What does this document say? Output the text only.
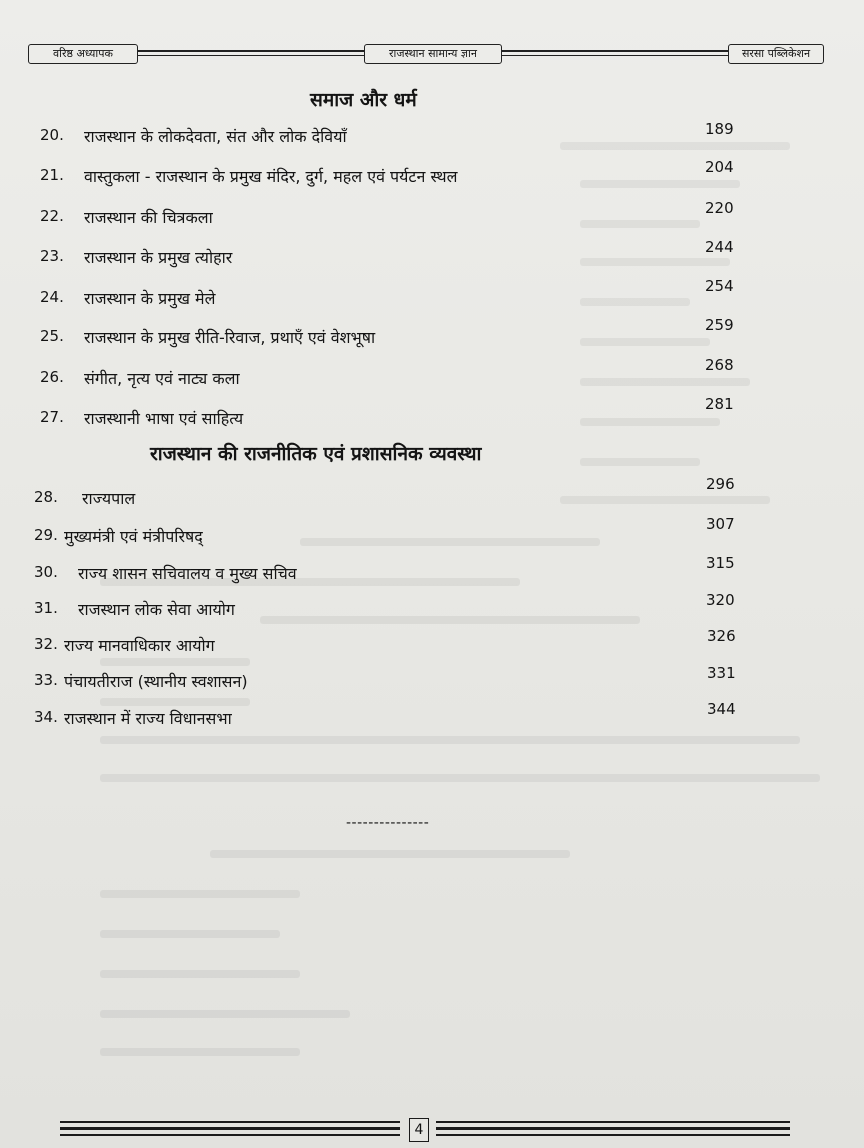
वरिष्ठ अध्यापक	राजस्थान सामान्य ज्ञान	सरसा पब्लिकेशन
समाज और धर्म
20. राजस्थान के लोकदेवता, संत और लोक देवियाँ	189
21. वास्तुकला - राजस्थान के प्रमुख मंदिर, दुर्ग, महल एवं पर्यटन स्थल	204
22. राजस्थान की चित्रकला	220
23. राजस्थान के प्रमुख त्योहार
244
24. राजस्थान के प्रमुख मेले
254
25. राजस्थान के प्रमुख रीति-रिवाज, प्रथाएँ एवं वेशभूषा
259
26. संगीत, नृत्य एवं नाट्य कला
268
27. राजस्थानी भाषा एवं साहित्य
281
राजस्थान की राजनीतिक एवं प्रशासनिक व्यवस्था
28. राज्यपाल
296
29. मुख्यमंत्री एवं मंत्रीपरिषद्
307
30. राज्य शासन सचिवालय व मुख्य सचिव
315
31. राजस्थान लोक सेवा आयोग	320
32. राज्य मानवाधिकार आयोग	326
33. पंचायतीराज (स्थानीय स्वशासन)	331
34. राजस्थान में राज्य विधानसभा	344
---------------
4
